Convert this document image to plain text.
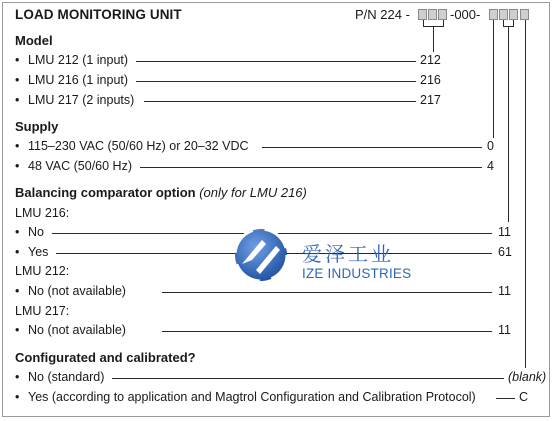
LOAD MONITORING UNIT	P/N 224 -	-000-
Model
• LMU 212 (1 input)	212
• LMU 216 (1 input)	216
• LMU 217 (2 inputs)	217
Supply
• 115–230 VAC (50/60 Hz) or 20–32 VDC	0
• 48 VAC (50/60 Hz)	4
Balancing comparator option (only for LMU 216)
LMU 216:
• No	11
• Yes	61
LMU 212:
• No (not available)	11
LMU 217:
• No (not available)	11
Configurated and calibrated?
• No (standard)	(blank)
• Yes (according to application and Magtrol Configuration and Calibration Protocol)	C
爱泽工业
IZE INDUSTRIES
